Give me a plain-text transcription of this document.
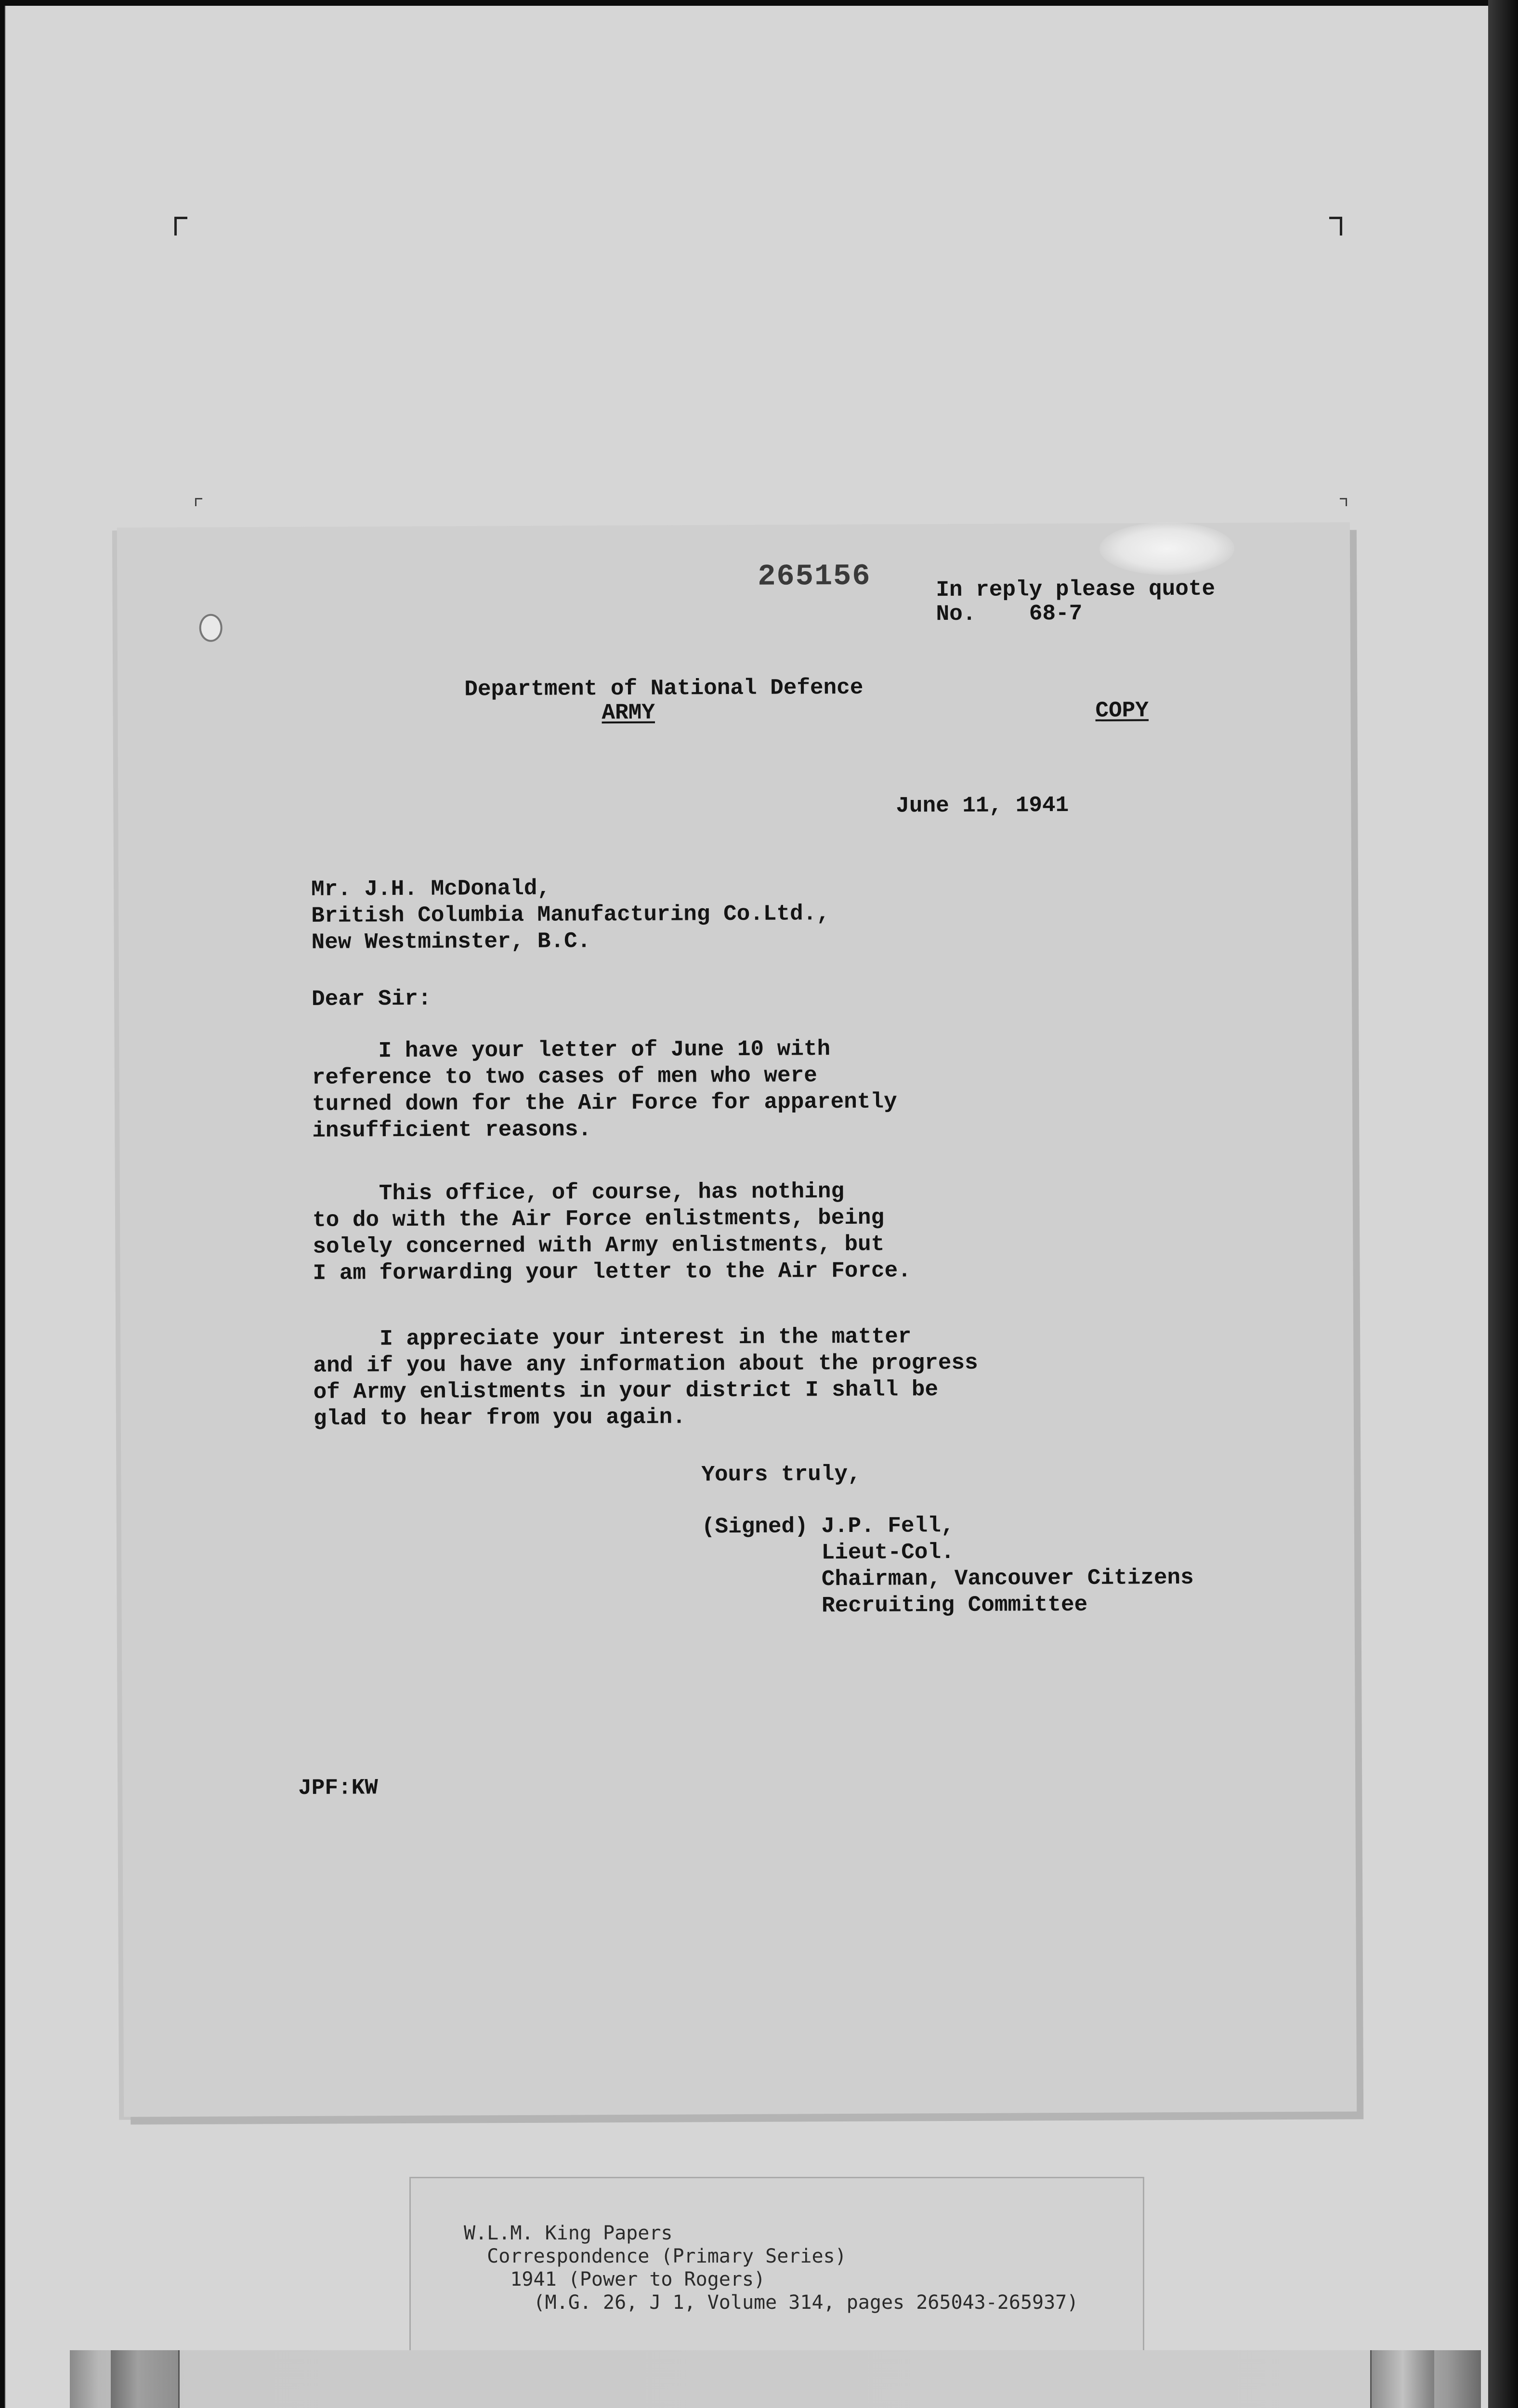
265156	In reply please quote
No.    68-7
Department of National Defence
ARMY	COPY
June 11, 1941
Mr. J.H. McDonald,
British Columbia Manufacturing Co.Ltd.,
New Westminster, B.C.
Dear Sir:
I have your letter of June 10 with
reference to two cases of men who were
turned down for the Air Force for apparently
insufficient reasons.
This office, of course, has nothing
to do with the Air Force enlistments, being
solely concerned with Army enlistments, but
I am forwarding your letter to the Air Force.
I appreciate your interest in the matter
and if you have any information about the progress
of Army enlistments in your district I shall be
glad to hear from you again.
Yours truly,
(Signed) J.P. Fell,
Lieut-Col.
Chairman, Vancouver Citizens
Recruiting Committee
JPF:KW
W.L.M. King Papers
Correspondence (Primary Series)
1941 (Power to Rogers)
(M.G. 26, J 1, Volume 314, pages 265043-265937)
